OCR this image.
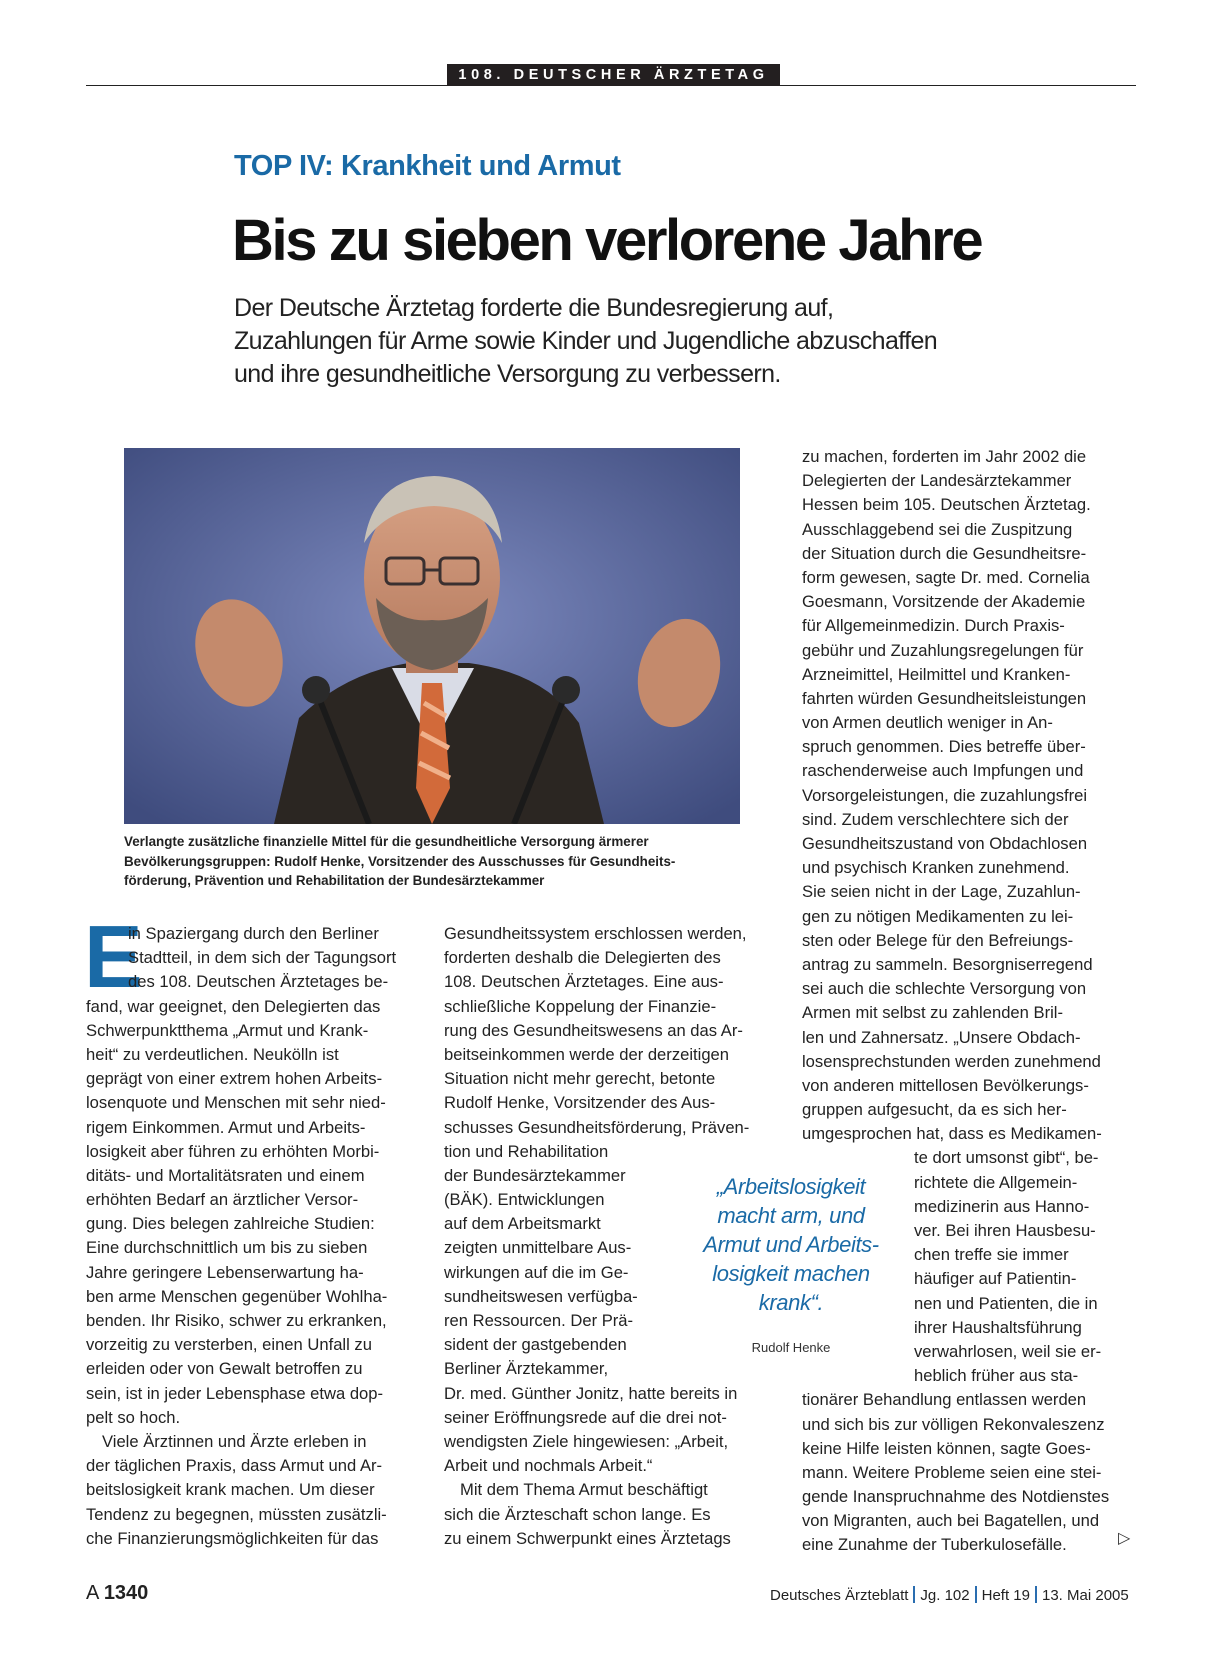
108. DEUTSCHER ÄRZTETAG
TOP IV: Krankheit und Armut
Bis zu sieben verlorene Jahre
Der Deutsche Ärztetag forderte die Bundesregierung auf,
Zuzahlungen für Arme sowie Kinder und Jugendliche abzuschaffen
und ihre gesundheitliche Versorgung zu verbessern.
Verlangte zusätzliche finanzielle Mittel für die gesundheitliche Versorgung ärmerer
Bevölkerungsgruppen: Rudolf Henke, Vorsitzender des Ausschusses für Gesundheits-
förderung, Prävention und Rehabilitation der Bundesärztekammer
E
in Spaziergang durch den Berliner
Stadtteil, in dem sich der Tagungsort
des 108. Deutschen Ärztetages be-
fand, war geeignet, den Delegierten das
Schwerpunktthema „Armut und Krank-
heit“ zu verdeutlichen. Neukölln ist
geprägt von einer extrem hohen Arbeits-
losenquote und Menschen mit sehr nied-
rigem Einkommen. Armut und Arbeits-
losigkeit aber führen zu erhöhten Morbi-
ditäts- und Mortalitätsraten und einem
erhöhten Bedarf an ärztlicher Versor-
gung. Dies belegen zahlreiche Studien:
Eine durchschnittlich um bis zu sieben
Jahre geringere Lebenserwartung ha-
ben arme Menschen gegenüber Wohlha-
benden. Ihr Risiko, schwer zu erkranken,
vorzeitig zu versterben, einen Unfall zu
erleiden oder von Gewalt betroffen zu
sein, ist in jeder Lebensphase etwa dop-
pelt so hoch.
Viele Ärztinnen und Ärzte erleben in
der täglichen Praxis, dass Armut und Ar-
beitslosigkeit krank machen. Um dieser
Tendenz zu begegnen, müssten zusätzli-
che Finanzierungsmöglichkeiten für das
Gesundheitssystem erschlossen werden,
forderten deshalb die Delegierten des
108. Deutschen Ärztetages. Eine aus-
schließliche Koppelung der Finanzie-
rung des Gesundheitswesens an das Ar-
beitseinkommen werde der derzeitigen
Situation nicht mehr gerecht, betonte
Rudolf Henke, Vorsitzender des Aus-
schusses Gesundheitsförderung, Präven-
tion und Rehabilitation
der Bundesärztekammer
(BÄK). Entwicklungen
auf dem Arbeitsmarkt
zeigten unmittelbare Aus-
wirkungen auf die im Ge-
sundheitswesen verfügba-
ren Ressourcen. Der Prä-
sident der gastgebenden
Berliner Ärztekammer,
Dr. med. Günther Jonitz, hatte bereits in
seiner Eröffnungsrede auf die drei not-
wendigsten Ziele hingewiesen: „Arbeit,
Arbeit und nochmals Arbeit.“
Mit dem Thema Armut beschäftigt
sich die Ärzteschaft schon lange. Es
zu einem Schwerpunkt eines Ärztetags
zu machen, forderten im Jahr 2002 die
Delegierten der Landesärztekammer
Hessen beim 105. Deutschen Ärztetag.
Ausschlaggebend sei die Zuspitzung
der Situation durch die Gesundheitsre-
form gewesen, sagte Dr. med. Cornelia
Goesmann, Vorsitzende der Akademie
für Allgemeinmedizin. Durch Praxis-
gebühr und Zuzahlungsregelungen für
Arzneimittel, Heilmittel und Kranken-
fahrten würden Gesundheitsleistungen
von Armen deutlich weniger in An-
spruch genommen. Dies betreffe über-
raschenderweise auch Impfungen und
Vorsorgeleistungen, die zuzahlungsfrei
sind. Zudem verschlechtere sich der
Gesundheitszustand von Obdachlosen
und psychisch Kranken zunehmend.
Sie seien nicht in der Lage, Zuzahlun-
gen zu nötigen Medikamenten zu lei-
sten oder Belege für den Befreiungs-
antrag zu sammeln. Besorgniserregend
sei auch die schlechte Versorgung von
Armen mit selbst zu zahlenden Bril-
len und Zahnersatz. „Unsere Obdach-
losensprechstunden werden zunehmend
von anderen mittellosen Bevölkerungs-
gruppen aufgesucht, da es sich her-
umgesprochen hat, dass es Medikamen-
te dort umsonst gibt“, be-
richtete die Allgemein-
medizinerin aus Hanno-
ver. Bei ihren Hausbesu-
chen treffe sie immer
häufiger auf Patientin-
nen und Patienten, die in
ihrer Haushaltsführung
verwahrlosen, weil sie er-
heblich früher aus sta-
tionärer Behandlung entlassen werden
und sich bis zur völligen Rekonvaleszenz
keine Hilfe leisten können, sagte Goes-
mann. Weitere Probleme seien eine stei-
gende Inanspruchnahme des Notdienstes
von Migranten, auch bei Bagatellen, und
eine Zunahme der Tuberkulosefälle.
„Arbeitslosigkeit
macht arm, und
Armut und Arbeits-
losigkeit machen
krank“.
Rudolf Henke
▷
A 1340	Deutsches Ärzteblatt Jg. 102 Heft 19 13. Mai 2005
